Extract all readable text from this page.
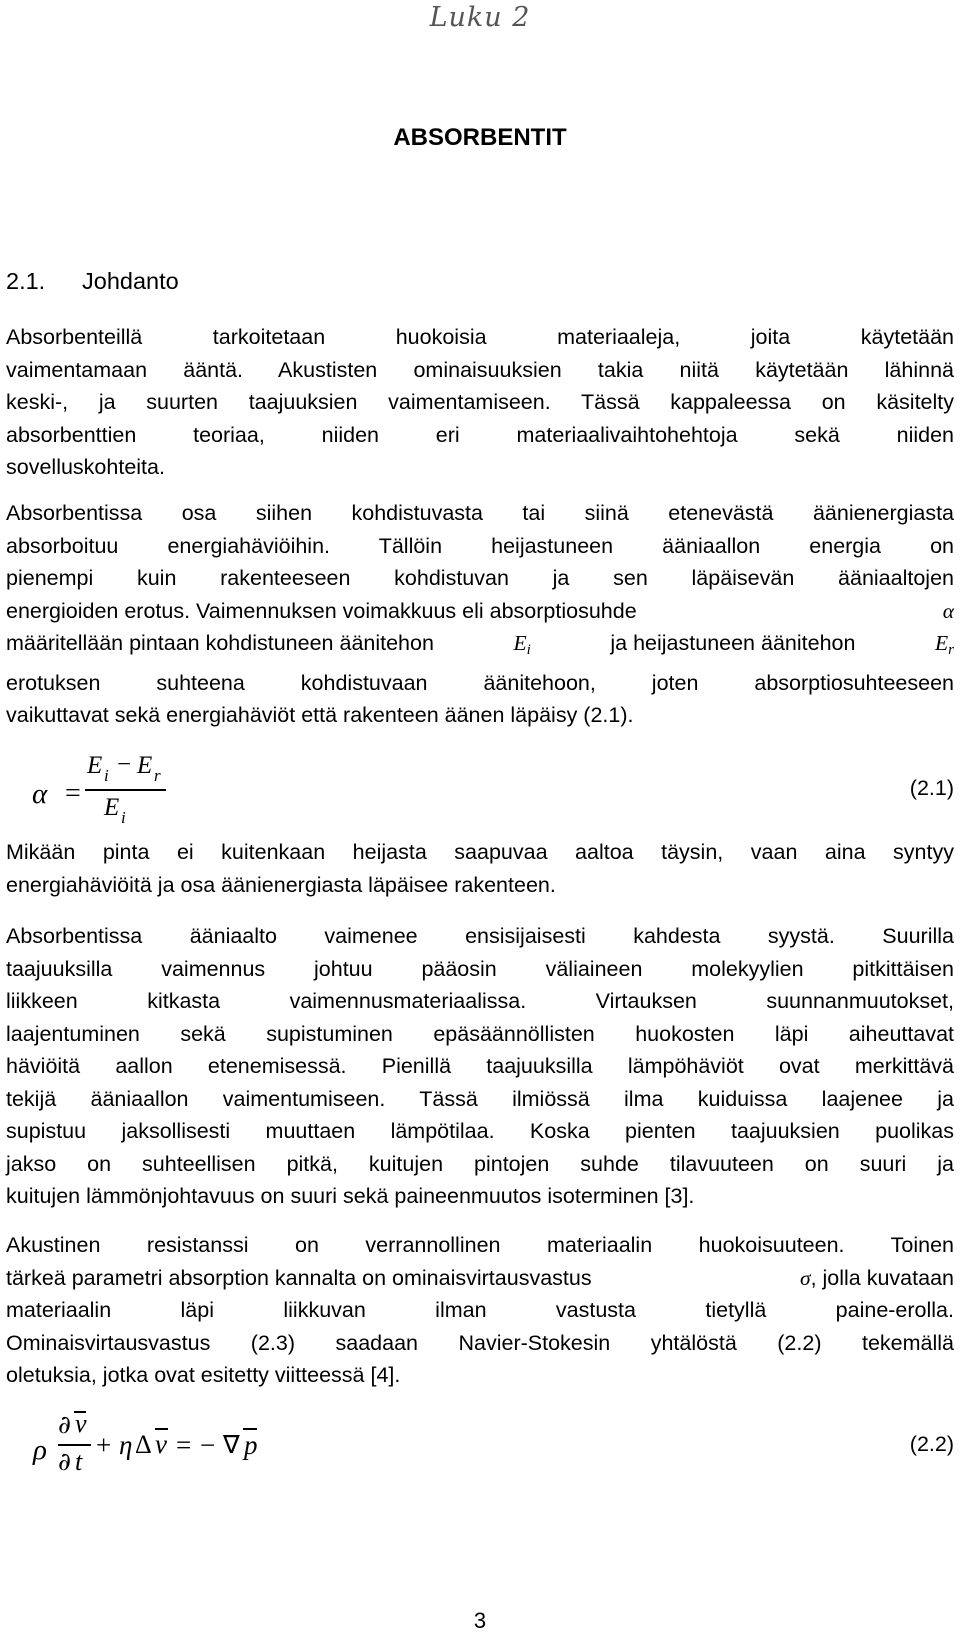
Luku 2
ABSORBENTIT
2.1. Johdanto
Absorbenteillä tarkoitetaan huokoisia materiaaleja, joita käytetään
vaimentamaan ääntä. Akustisten ominaisuuksien takia niitä käytetään lähinnä
keski-, ja suurten taajuuksien vaimentamiseen. Tässä kappaleessa on käsitelty
absorbenttien teoriaa, niiden eri materiaalivaihtohehtoja sekä niiden
sovelluskohteita.
Absorbentissa osa siihen kohdistuvasta tai siinä etenevästä äänienergiasta
absorboituu energiahäviöihin. Tällöin heijastuneen ääniaallon energia on
pienempi kuin rakenteeseen kohdistuvan ja sen läpäisevän ääniaaltojen
energioiden erotus. Vaimennuksen voimakkuus eli absorptiosuhde	α
määritellään pintaan kohdistuneen äänitehon	$E_i$	ja heijastuneen äänitehon	$E_r$
erotuksen suhteena kohdistuvaan äänitehoon, joten absorptiosuhteeseen
vaikuttavat sekä energiahäviöt että rakenteen äänen läpäisy (2.1).
α =
E i − E r
E i
(2.1)
Mikään pinta ei kuitenkaan heijasta saapuvaa aaltoa täysin, vaan aina syntyy
energiahäviöitä ja osa äänienergiasta läpäisee rakenteen.
Absorbentissa ääniaalto vaimenee ensisijaisesti kahdesta syystä. Suurilla
taajuuksilla vaimennus johtuu pääosin väliaineen molekyylien pitkittäisen
liikkeen kitkasta vaimennusmateriaalissa. Virtauksen suunnanmuutokset,
laajentuminen sekä supistuminen epäsäännöllisten huokosten läpi aiheuttavat
häviöitä aallon etenemisessä. Pienillä taajuuksilla lämpöhäviöt ovat merkittävä
tekijä ääniaallon vaimentumiseen. Tässä ilmiössä ilma kuiduissa laajenee ja
supistuu jaksollisesti muuttaen lämpötilaa. Koska pienten taajuuksien puolikas
jakso on suhteellisen pitkä, kuitujen pintojen suhde tilavuuteen on suuri ja
kuitujen lämmönjohtavuus on suuri sekä paineenmuutos isoterminen [3].
Akustinen resistanssi on verrannollinen materiaalin huokoisuuteen. Toinen
tärkeä parametri absorption kannalta on ominaisvirtausvastus	σ, jolla kuvataan
materiaalin läpi liikkuvan ilman vastusta tietyllä paine-erolla.
Ominaisvirtausvastus (2.3) saadaan Navier-Stokesin yhtälöstä (2.2) tekemällä
oletuksia, jotka ovat esitetty viitteessä [4].
ρ
∂ v
∂ t
+ η Δ v = − ∇ p	(2.2)
3
